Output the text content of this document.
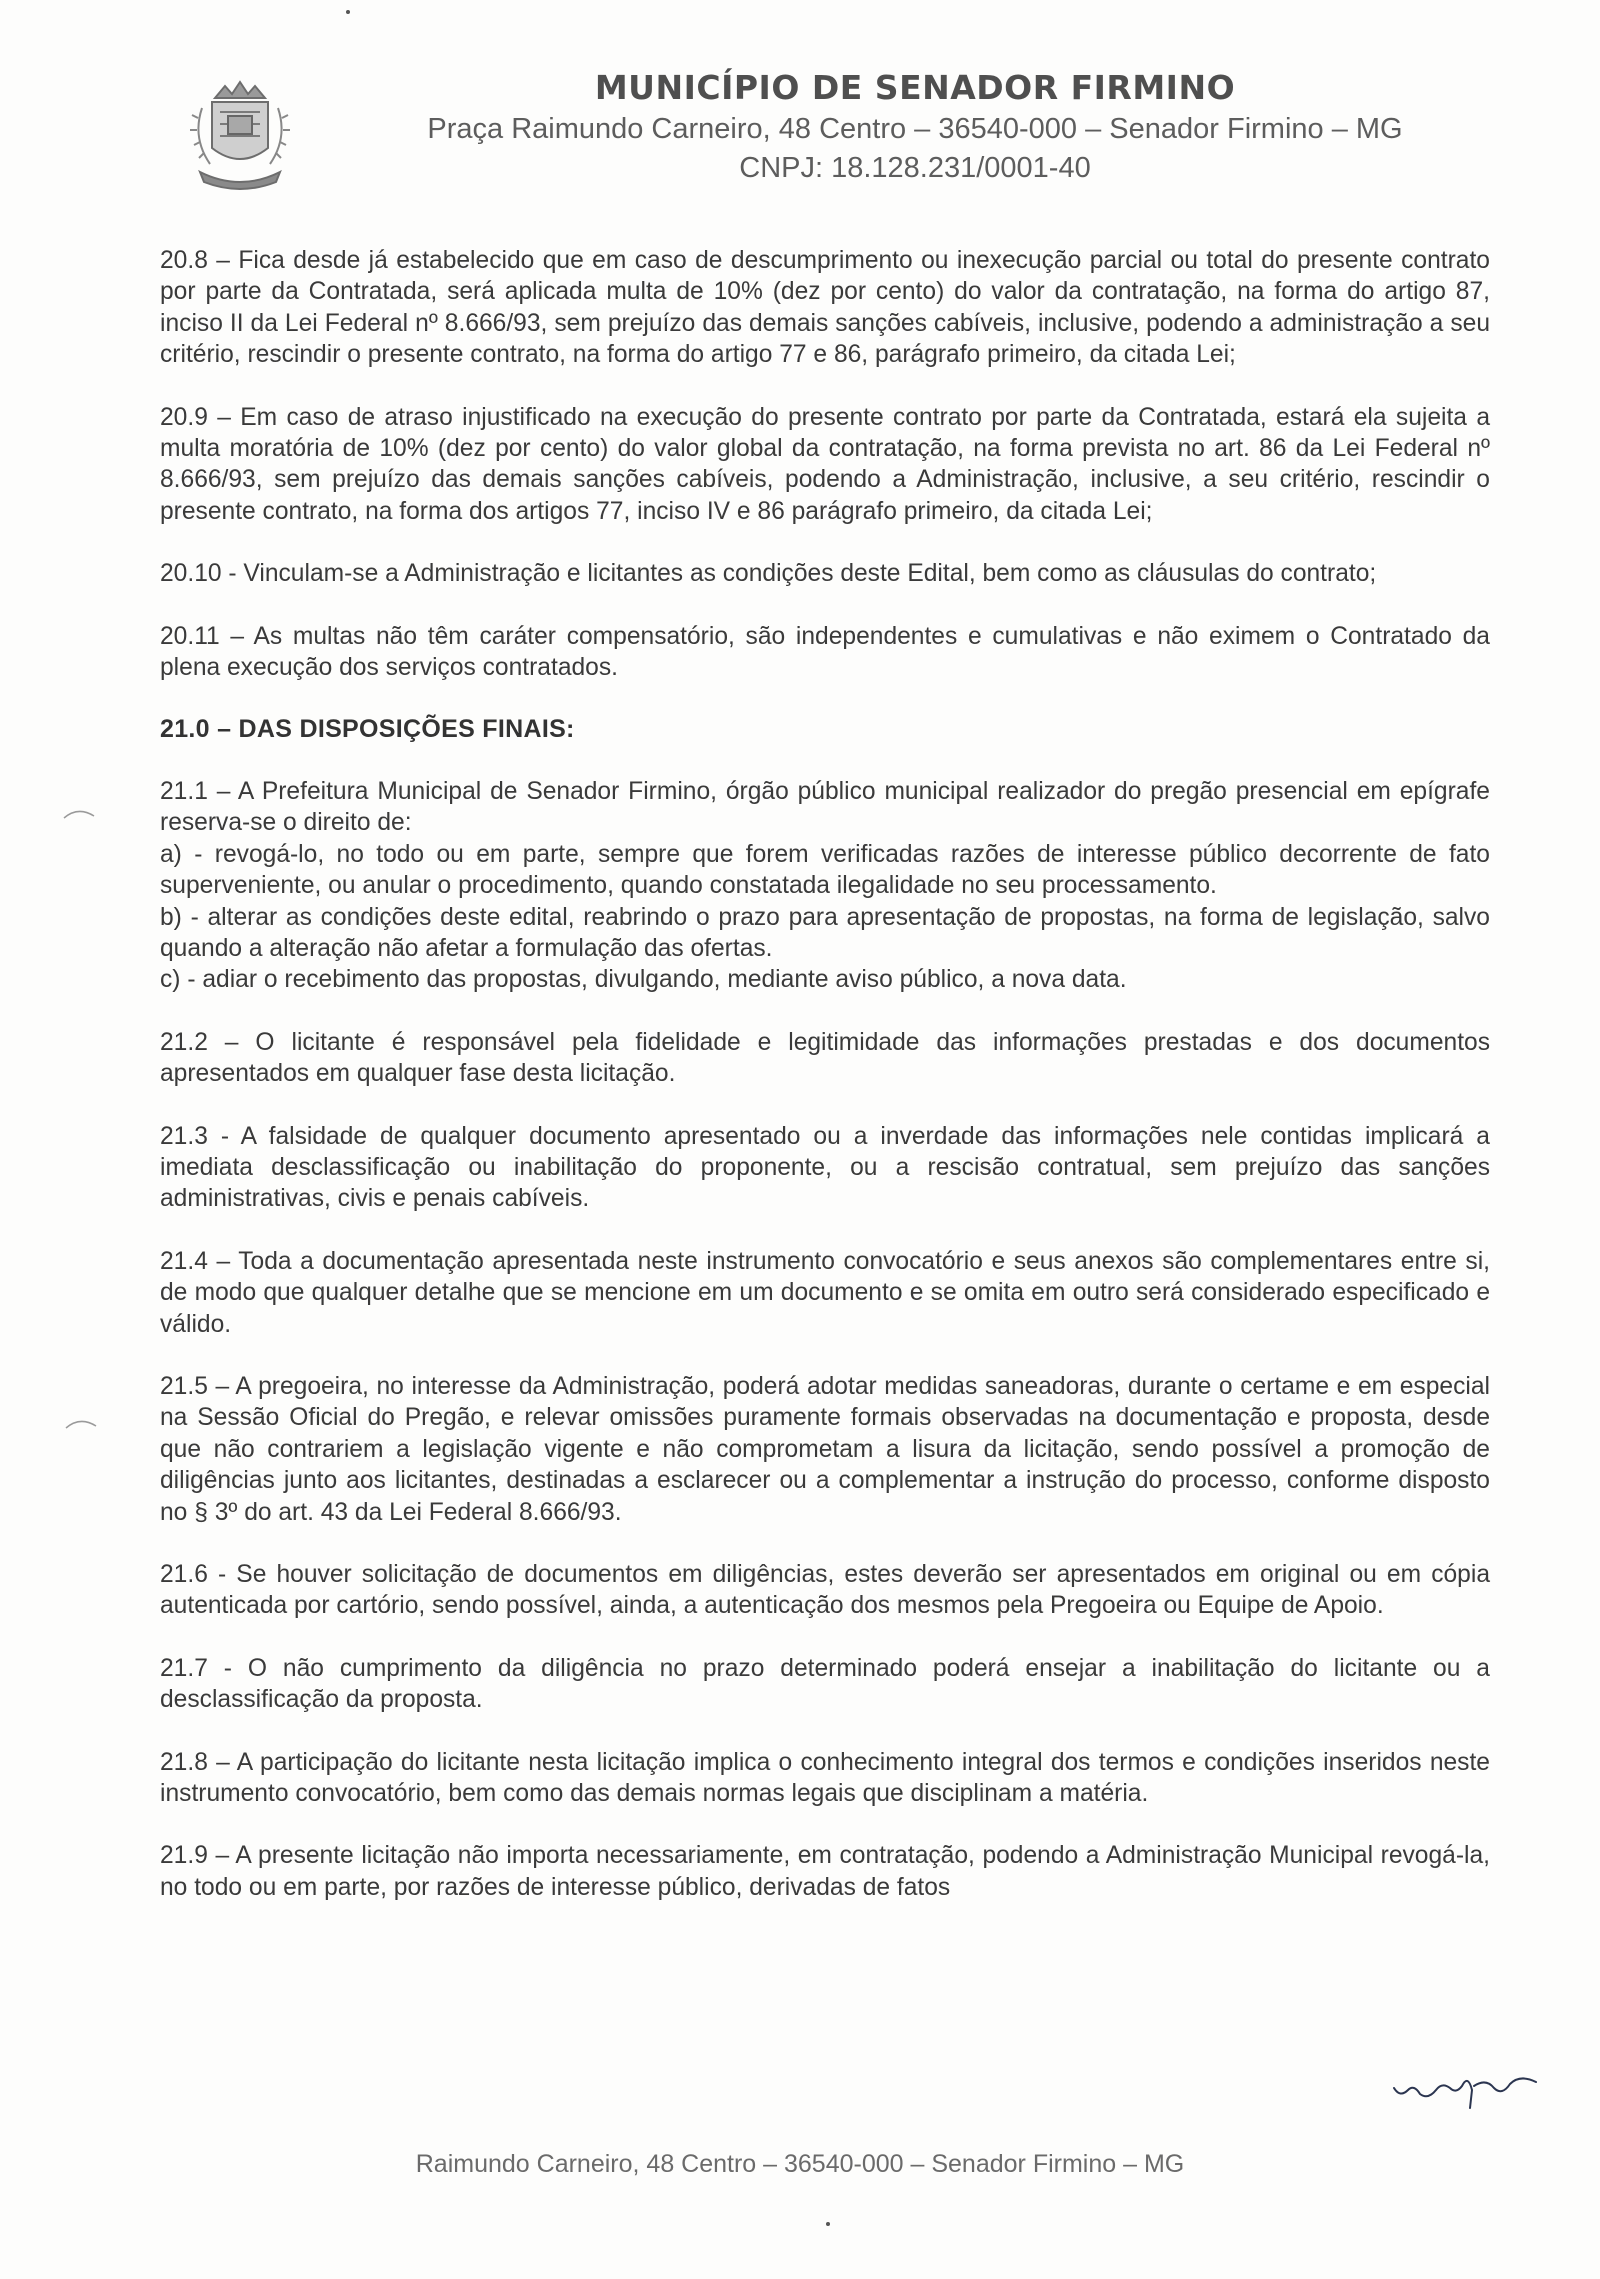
MUNICÍPIO DE SENADOR FIRMINO
Praça Raimundo Carneiro, 48 Centro – 36540-000 – Senador Firmino – MG
CNPJ: 18.128.231/0001-40

20.8 – Fica desde já estabelecido que em caso de descumprimento ou inexecução parcial ou total do presente contrato por parte da Contratada, será aplicada multa de 10% (dez por cento) do valor da contratação, na forma do artigo 87, inciso II da Lei Federal nº 8.666/93, sem prejuízo das demais sanções cabíveis, inclusive, podendo a administração a seu critério, rescindir o presente contrato, na forma do artigo 77 e 86, parágrafo primeiro, da citada Lei;

20.9 – Em caso de atraso injustificado na execução do presente contrato por parte da Contratada, estará ela sujeita a multa moratória de 10% (dez por cento) do valor global da contratação, na forma prevista no art. 86 da Lei Federal nº 8.666/93, sem prejuízo das demais sanções cabíveis, podendo a Administração, inclusive, a seu critério, rescindir o presente contrato, na forma dos artigos 77, inciso IV e 86 parágrafo primeiro, da citada Lei;

20.10 - Vinculam-se a Administração e licitantes as condições deste Edital, bem como as cláusulas do contrato;

20.11 – As multas não têm caráter compensatório, são independentes e cumulativas e não eximem o Contratado da plena execução dos serviços contratados.

21.0 – DAS DISPOSIÇÕES FINAIS:

21.1 – A Prefeitura Municipal de Senador Firmino, órgão público municipal realizador do pregão presencial em epígrafe reserva-se o direito de:

a) - revogá-lo, no todo ou em parte, sempre que forem verificadas razões de interesse público decorrente de fato superveniente, ou anular o procedimento, quando constatada ilegalidade no seu processamento.

b) - alterar as condições deste edital, reabrindo o prazo para apresentação de propostas, na forma de legislação, salvo quando a alteração não afetar a formulação das ofertas.

c) - adiar o recebimento das propostas, divulgando, mediante aviso público, a nova data.

21.2 – O licitante é responsável pela fidelidade e legitimidade das informações prestadas e dos documentos apresentados em qualquer fase desta licitação.

21.3 - A falsidade de qualquer documento apresentado ou a inverdade das informações nele contidas implicará a imediata desclassificação ou inabilitação do proponente, ou a rescisão contratual, sem prejuízo das sanções administrativas, civis e penais cabíveis.

21.4 – Toda a documentação apresentada neste instrumento convocatório e seus anexos são complementares entre si, de modo que qualquer detalhe que se mencione em um documento e se omita em outro será considerado especificado e válido.

21.5 – A pregoeira, no interesse da Administração, poderá adotar medidas saneadoras, durante o certame e em especial na Sessão Oficial do Pregão, e relevar omissões puramente formais observadas na documentação e proposta, desde que não contrariem a legislação vigente e não comprometam a lisura da licitação, sendo possível a promoção de diligências junto aos licitantes, destinadas a esclarecer ou a complementar a instrução do processo, conforme disposto no § 3º do art. 43 da Lei Federal 8.666/93.

21.6 - Se houver solicitação de documentos em diligências, estes deverão ser apresentados em original ou em cópia autenticada por cartório, sendo possível, ainda, a autenticação dos mesmos pela Pregoeira ou Equipe de Apoio.

21.7 - O não cumprimento da diligência no prazo determinado poderá ensejar a inabilitação do licitante ou a desclassificação da proposta.

21.8 – A participação do licitante nesta licitação implica o conhecimento integral dos termos e condições inseridos neste instrumento convocatório, bem como das demais normas legais que disciplinam a matéria.

21.9 – A presente licitação não importa necessariamente, em contratação, podendo a Administração Municipal revogá-la, no todo ou em parte, por razões de interesse público, derivadas de fatos

Raimundo Carneiro, 48 Centro – 36540-000 – Senador Firmino – MG
